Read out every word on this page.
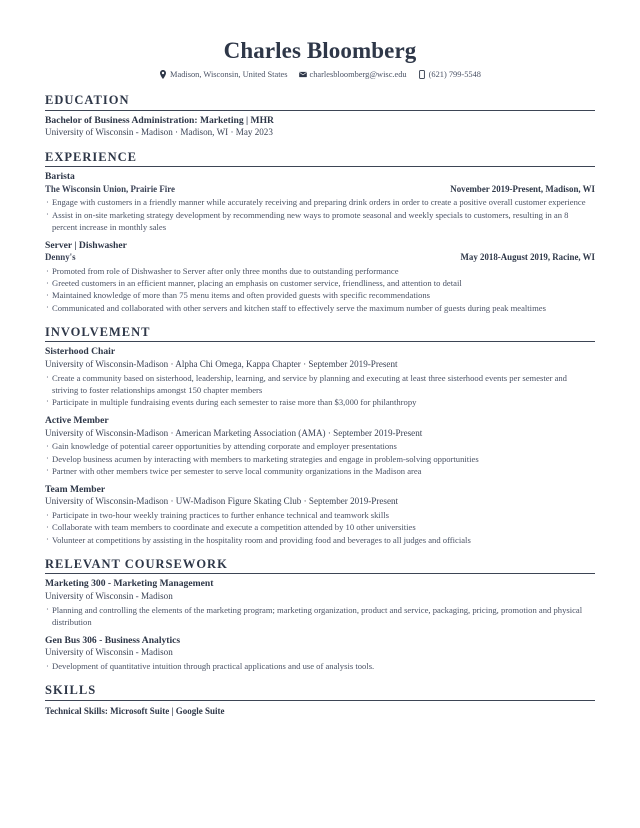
Charles Bloomberg
Madison, Wisconsin, United States	charlesbloomberg@wisc.edu	(621) 799-5548
EDUCATION
Bachelor of Business Administration: Marketing | MHR
University of Wisconsin - Madison · Madison, WI · May 2023
EXPERIENCE
Barista
The Wisconsin Union, Prairie Fire	November 2019-Present, Madison, WI
· Engage with customers in a friendly manner while accurately receiving and preparing drink orders in order to create a positive overall customer experience
· Assist in on-site marketing strategy development by recommending new ways to promote seasonal and weekly specials to customers, resulting in an 8 percent increase in monthly sales
Server | Dishwasher
Denny's	May 2018-August 2019, Racine, WI
· Promoted from role of Dishwasher to Server after only three months due to outstanding performance
· Greeted customers in an efficient manner, placing an emphasis on customer service, friendliness, and attention to detail
· Maintained knowledge of more than 75 menu items and often provided guests with specific recommendations
· Communicated and collaborated with other servers and kitchen staff to effectively serve the maximum number of guests during peak mealtimes
INVOLVEMENT
Sisterhood Chair
University of Wisconsin-Madison · Alpha Chi Omega, Kappa Chapter · September 2019-Present
· Create a community based on sisterhood, leadership, learning, and service by planning and executing at least three sisterhood events per semester and striving to foster relationships amongst 150 chapter members
· Participate in multiple fundraising events during each semester to raise more than $3,000 for philanthropy
Active Member
University of Wisconsin-Madison · American Marketing Association (AMA) · September 2019-Present
· Gain knowledge of potential career opportunities by attending corporate and employer presentations
· Develop business acumen by interacting with members to marketing strategies and engage in problem-solving opportunities
· Partner with other members twice per semester to serve local community organizations in the Madison area
Team Member
University of Wisconsin-Madison · UW-Madison Figure Skating Club · September 2019-Present
· Participate in two-hour weekly training practices to further enhance technical and teamwork skills
· Collaborate with team members to coordinate and execute a competition attended by 10 other universities
· Volunteer at competitions by assisting in the hospitality room and providing food and beverages to all judges and officials
RELEVANT COURSEWORK
Marketing 300 - Marketing Management
University of Wisconsin - Madison
· Planning and controlling the elements of the marketing program; marketing organization, product and service, packaging, pricing, promotion and physical distribution
Gen Bus 306 - Business Analytics
University of Wisconsin - Madison
· Development of quantitative intuition through practical applications and use of analysis tools.
SKILLS
Technical Skills: Microsoft Suite | Google Suite
